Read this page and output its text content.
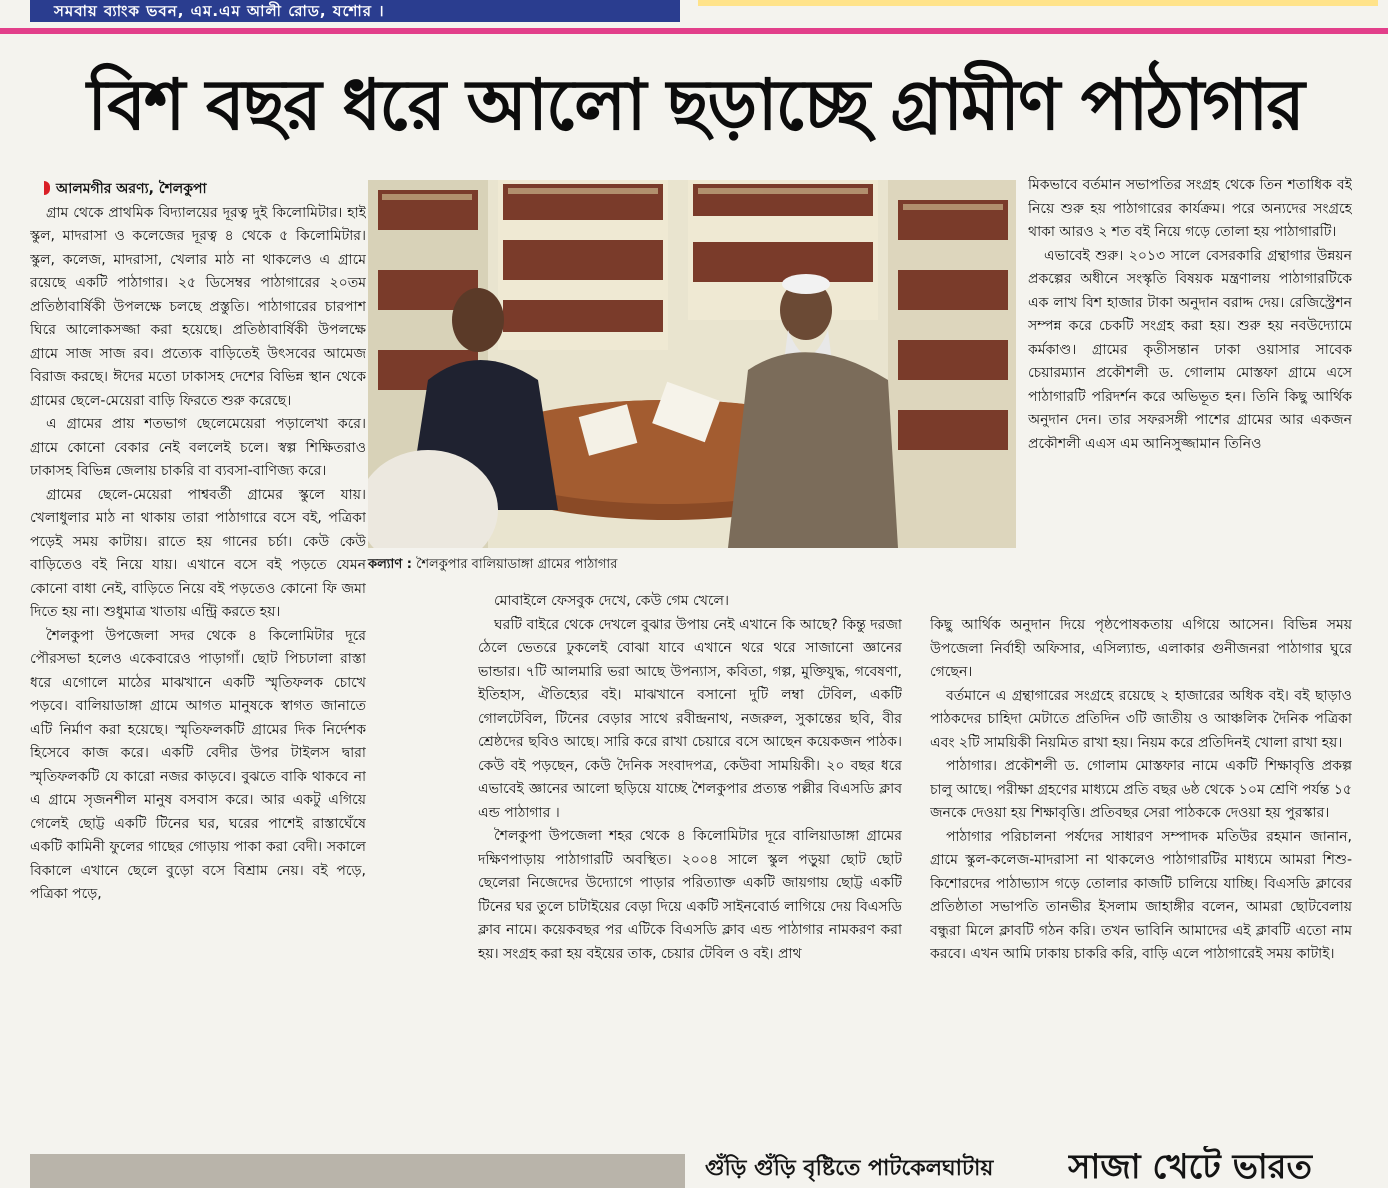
সমবায় ব্যাংক ভবন, এম.এম আলী রোড, যশোর ।
বিশ বছর ধরে আলো ছড়াচ্ছে গ্রামীণ পাঠাগার

আলমগীর অরণ্য, শৈলকুপা

গ্রাম থেকে প্রাথমিক বিদ্যালয়ের দূরত্ব দুই কিলোমিটার। হাই স্কুল, মাদরাসা ও কলেজের দূরত্ব ৪ থেকে ৫ কিলোমিটার। স্কুল, কলেজ, মাদরাসা, খেলার মাঠ না থাকলেও এ গ্রামে রয়েছে একটি পাঠাগার। ২৫ ডিসেম্বর পাঠাগারের ২০তম প্রতিষ্ঠাবার্ষিকী উপলক্ষে চলছে প্রস্তুতি। পাঠাগারের চারপাশ ঘিরে আলোকসজ্জা করা হয়েছে। প্রতিষ্ঠাবার্ষিকী উপলক্ষে গ্রামে সাজ সাজ রব। প্রত্যেক বাড়িতেই উৎসবের আমেজ বিরাজ করছে। ঈদের মতো ঢাকাসহ দেশের বিভিন্ন স্থান থেকে গ্রামের ছেলে-মেয়েরা বাড়ি ফিরতে শুরু করেছে।

এ গ্রামের প্রায় শতভাগ ছেলেমেয়েরা পড়ালেখা করে। গ্রামে কোনো বেকার নেই বললেই চলে। স্বল্প শিক্ষিতরাও ঢাকাসহ বিভিন্ন জেলায় চাকরি বা ব্যবসা-বাণিজ্য করে।

গ্রামের ছেলে-মেয়েরা পাশ্ববর্তী গ্রামের স্কুলে যায়। খেলাধুলার মাঠ না থাকায় তারা পাঠাগারে বসে বই, পত্রিকা পড়েই সময় কাটায়। রাতে হয় গানের চর্চা। কেউ কেউ বাড়িতেও বই নিয়ে যায়। এখানে বসে বই পড়তে যেমন কোনো বাধা নেই, বাড়িতে নিয়ে বই পড়তেও কোনো ফি জমা দিতে হয় না। শুধুমাত্র খাতায় এন্ট্রি করতে হয়।

শৈলকুপা উপজেলা সদর থেকে ৪ কিলোমিটার দূরে পৌরসভা হলেও একেবারেও পাড়াগাঁ। ছোট পিচঢালা রাস্তা ধরে এগোলে মাঠের মাঝখানে একটি স্মৃতিফলক চোখে পড়বে। বালিয়াডাঙ্গা গ্রামে আগত মানুষকে স্বাগত জানাতে এটি নির্মাণ করা হয়েছে। স্মৃতিফলকটি গ্রামের দিক নির্দেশক হিসেবে কাজ করে। একটি বেদীর উপর টাইলস দ্বারা স্মৃতিফলকটি যে কারো নজর কাড়বে। বুঝতে বাকি থাকবে না এ গ্রামে সৃজনশীল মানুষ বসবাস করে। আর একটু এগিয়ে গেলেই ছোট্ট একটি টিনের ঘর, ঘরের পাশেই রাস্তাঘেঁষে একটি কামিনী ফুলের গাছের গোড়ায় পাকা করা বেদী। সকালে বিকালে এখানে ছেলে বুড়ো বসে বিশ্রাম নেয়। বই পড়ে, পত্রিকা পড়ে,

কল্যাণ : শৈলকুপার বালিয়াডাঙ্গা গ্রামের পাঠাগার

মোবাইলে ফেসবুক দেখে, কেউ গেম খেলে।

ঘরটি বাইরে থেকে দেখলে বুঝার উপায় নেই এখানে কি আছে? কিন্তু দরজা ঠেলে ভেতরে ঢুকলেই বোঝা যাবে এখানে থরে থরে সাজানো জ্ঞানের ভান্ডার। ৭টি আলমারি ভরা আছে উপন্যাস, কবিতা, গল্প, মুক্তিযুদ্ধ, গবেষণা, ইতিহাস, ঐতিহ্যের বই। মাঝখানে বসানো দুটি লম্বা টেবিল, একটি গোলটেবিল, টিনের বেড়ার সাথে রবীন্দ্রনাথ, নজরুল, সুকান্তের ছবি, বীর শ্রেষ্ঠদের ছবিও আছে। সারি করে রাখা চেয়ারে বসে আছেন কয়েকজন পাঠক। কেউ বই পড়ছেন, কেউ দৈনিক সংবাদপত্র, কেউবা সাময়িকী। ২০ বছর ধরে এভাবেই জ্ঞানের আলো ছড়িয়ে যাচ্ছে শৈলকুপার প্রত্যন্ত পল্লীর বিএসডি ক্লাব এন্ড পাঠাগার ।

শৈলকুপা উপজেলা শহর থেকে ৪ কিলোমিটার দূরে বালিয়াডাঙ্গা গ্রামের দক্ষিণপাড়ায় পাঠাগারটি অবস্থিত। ২০০৪ সালে স্কুল পড়ুয়া ছোট ছোট ছেলেরা নিজেদের উদ্যোগে পাড়ার পরিত্যাক্ত একটি জায়গায় ছোট্ট একটি টিনের ঘর তুলে চাটাইয়ের বেড়া দিয়ে একটি সাইনবোর্ড লাগিয়ে দেয় বিএসডি ক্লাব নামে। কয়েকবছর পর এটিকে বিএসডি ক্লাব এন্ড পাঠাগার নামকরণ করা হয়। সংগ্রহ করা হয় বইয়ের তাক, চেয়ার টেবিল ও বই। প্রাথ

মিকভাবে বর্তমান সভাপতির সংগ্রহ থেকে তিন শতাধিক বই নিয়ে শুরু হয় পাঠাগারের কার্যক্রম। পরে অন্যদের সংগ্রহে থাকা আরও ২ শত বই নিয়ে গড়ে তোলা হয় পাঠাগারটি।

এভাবেই শুরু। ২০১৩ সালে বেসরকারি গ্রন্থাগার উন্নয়ন প্রকল্পের অধীনে সংস্কৃতি বিষয়ক মন্ত্রণালয় পাঠাগারটিকে এক লাখ বিশ হাজার টাকা অনুদান বরাদ্দ দেয়। রেজিস্ট্রেশন সম্পন্ন করে চেকটি সংগ্রহ করা হয়। শুরু হয় নবউদ্যোমে কর্মকাণ্ড। গ্রামের কৃতীসন্তান ঢাকা ওয়াসার সাবেক চেয়ারম্যান প্রকৌশলী ড. গোলাম মোস্তফা গ্রামে এসে পাঠাগারটি পরিদর্শন করে অভিভূত হন। তিনি কিছু আর্থিক অনুদান দেন। তার সফরসঙ্গী পাশের গ্রামের আর একজন প্রকৌশলী এএস এম আনিসুজ্জামান তিনিও

কিছু আর্থিক অনুদান দিয়ে পৃষ্ঠপোষকতায় এগিয়ে আসেন। বিভিন্ন সময় উপজেলা নির্বাহী অফিসার, এসিল্যান্ড, এলাকার গুনীজনরা পাঠাগার ঘুরে গেছেন।

বর্তমানে এ গ্রন্থাগারের সংগ্রহে রয়েছে ২ হাজারের অধিক বই। বই ছাড়াও পাঠকদের চাহিদা মেটাতে প্রতিদিন ৩টি জাতীয় ও আঞ্চলিক দৈনিক পত্রিকা এবং ২টি সাময়িকী নিয়মিত রাখা হয়। নিয়ম করে প্রতিদিনই খোলা রাখা হয়।

পাঠাগার। প্রকৌশলী ড. গোলাম মোস্তফার নামে একটি শিক্ষাবৃত্তি প্রকল্প চালু আছে। পরীক্ষা গ্রহণের মাধ্যমে প্রতি বছর ৬ষ্ঠ থেকে ১০ম শ্রেণি পর্যন্ত ১৫ জনকে দেওয়া হয় শিক্ষাবৃত্তি। প্রতিবছর সেরা পাঠককে দেওয়া হয় পুরস্কার।

পাঠাগার পরিচালনা পর্ষদের সাধারণ সম্পাদক মতিউর রহমান জানান, গ্রামে স্কুল-কলেজ-মাদরাসা না থাকলেও পাঠাগারটির মাধ্যমে আমরা শিশু-কিশোরদের পাঠাভ্যাস গড়ে তোলার কাজটি চালিয়ে যাচ্ছি। বিএসডি ক্লাবের প্রতিষ্ঠাতা সভাপতি তানভীর ইসলাম জাহাঙ্গীর বলেন, আমরা ছোটবেলায় বন্ধুরা মিলে ক্লাবটি গঠন করি। তখন ভাবিনি আমাদের এই ক্লাবটি এতো নাম করবে। এখন আমি ঢাকায় চাকরি করি, বাড়ি এলে পাঠাগারেই সময় কাটাই।

গুঁড়ি গুঁড়ি বৃষ্টিতে পাটকেলঘাটায়	সাজা খেটে ভারত
